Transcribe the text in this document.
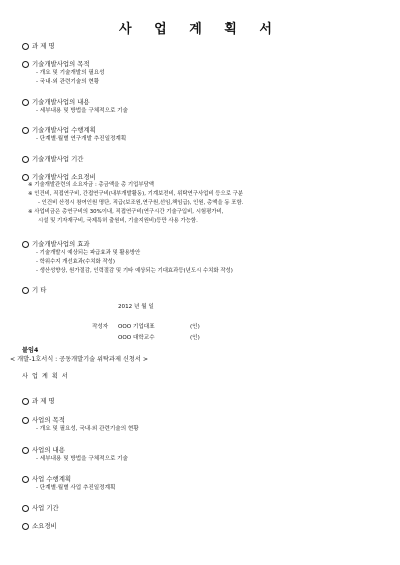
사 업 계 획 서
과 제 명
기술개발사업의 목적
- 개요 및 기술개발의 필요성
- 국내·외 관련기술의 현황
기술개발사업의 내용
- 세부내용 및 방법을 구체적으로 기술
기술개발사업 수행계획
- 단계별·월별 연구개발 추진일정계획
기술개발사업 기간
기술개발사업 소요경비
※ 기술개발관련의 소요자금 : 총금액을 총 기업부담액
※ 인건비, 직접연구비, 간접연구비(내부개발활동), 기계보전비, 위탁연구사업비 등으로 구분
- 인건비 산정시 참여인원 명단, 직급(보조원,연구원,선임,책임급), 인원, 총액을 동 포함.
※ 사업비금은 총연구비의 30%이내, 직접연구비(연구시간 기술구입비, 시험평가비,
시설 및 기자재구비, 국제특허 출원비, 기술지원비)등만 사용 가능함.
기술개발사업의 효과
- 기술개발시 예상되는 파급효과 및 활용방안
- 학위수지 개선효과(수치화 작성)
- 생산성향상, 원가절감, 인력절감 및 기타 예상되는 기대효과등(년도시 수치화 작성)
기 타
2012 년 월 일
작성자 OOO 기업대표	(인)
OOO 대학교수	(인)
붙임4
< 개발-1호서식 : 공동개발기술 위탁과제 신청서 >
사 업 계 획 서
과 제 명
사업의 목적
- 개요 및 필요성, 국내·외 관련기술의 현황
사업의 내용
- 세부내용 및 방법을 구체적으로 기술
사업 수행계획
- 단계별·월별 사업 추진일정계획
사업 기간
소요경비
